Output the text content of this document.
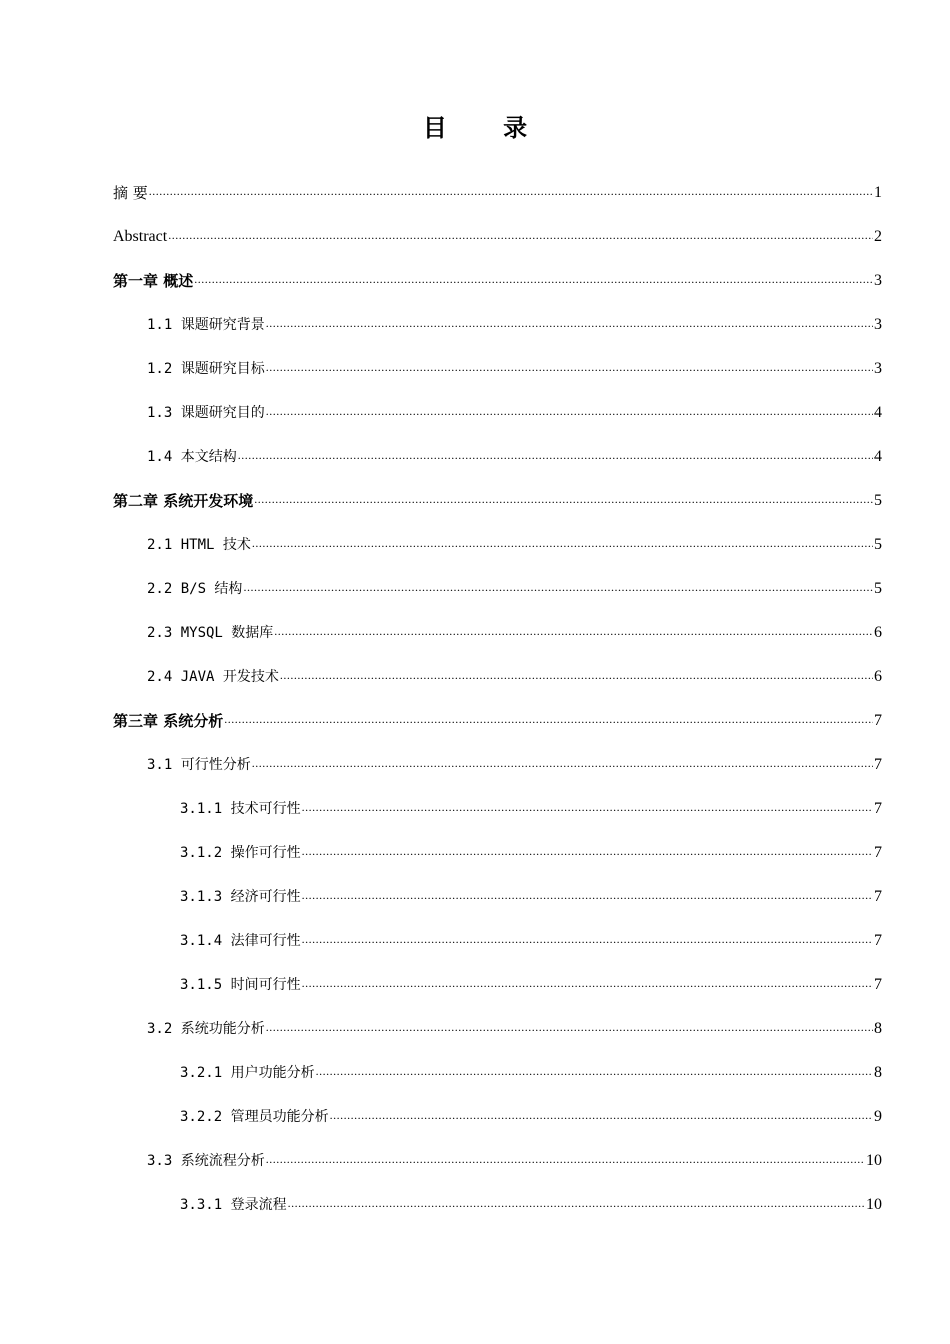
目 录
摘 要 .....	1
Abstract .....	2
第一章 概述 .....	3
1.1 课题研究背景 .....	3
1.2 课题研究目标 .....	3
1.3 课题研究目的 .....	4
1.4 本文结构 .....	4
第二章 系统开发环境 .....	5
2.1 HTML 技术 .....	5
2.2 B/S 结构 .....	5
2.3 MYSQL 数据库 .....	6
2.4 JAVA 开发技术 .....	6
第三章 系统分析 .....	7
3.1 可行性分析 .....	7
3.1.1 技术可行性 .....	7
3.1.2 操作可行性 .....	7
3.1.3 经济可行性 .....	7
3.1.4 法律可行性 .....	7
3.1.5 时间可行性 .....	7
3.2 系统功能分析 .....	8
3.2.1 用户功能分析 .....	8
3.2.2 管理员功能分析 .....	9
3.3 系统流程分析 .....	10
3.3.1 登录流程 .....	10
